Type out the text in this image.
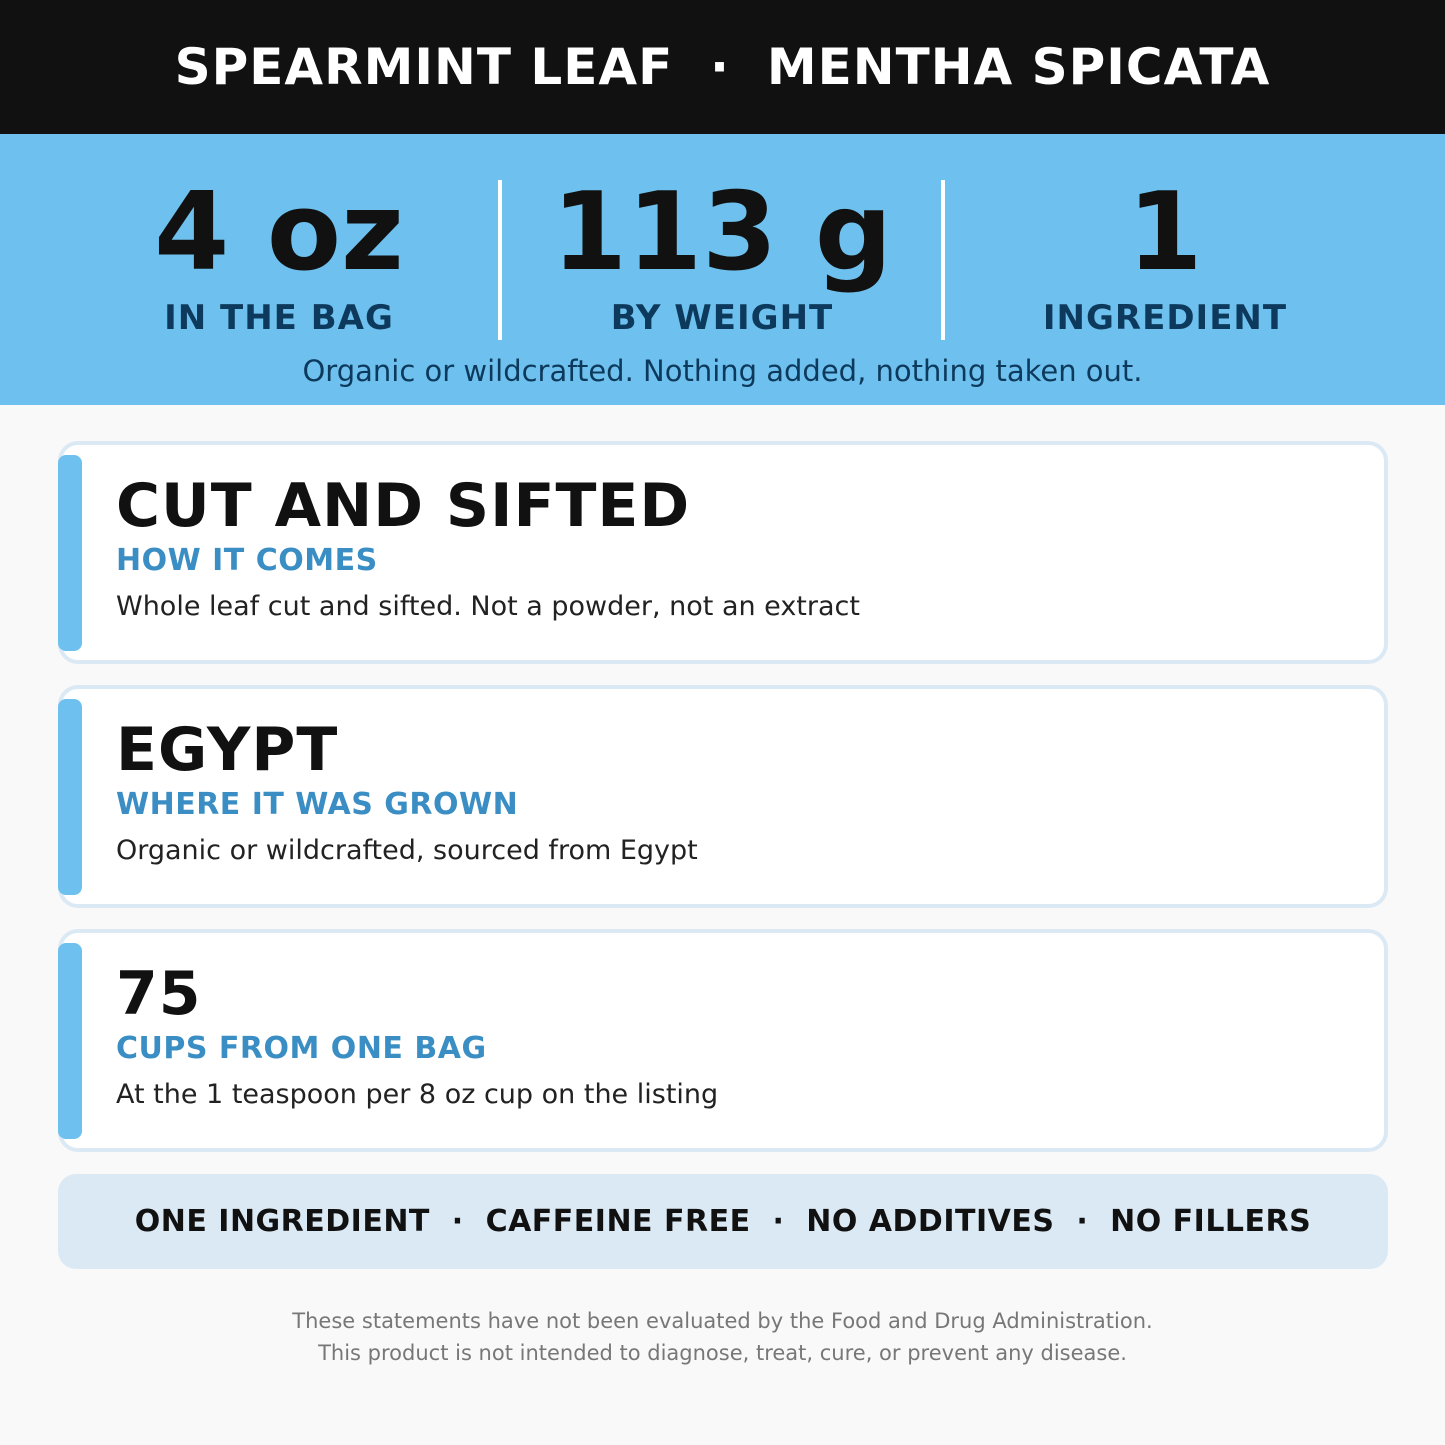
SPEARMINT LEAF  ·  MENTHA SPICATA
4 oz
IN THE BAG
113 g
BY WEIGHT
1
INGREDIENT
Organic or wildcrafted. Nothing added, nothing taken out.
CUT AND SIFTED
HOW IT COMES
Whole leaf cut and sifted. Not a powder, not an extract
EGYPT
WHERE IT WAS GROWN
Organic or wildcrafted, sourced from Egypt
75
CUPS FROM ONE BAG
At the 1 teaspoon per 8 oz cup on the listing
ONE INGREDIENT  ·  CAFFEINE FREE  ·  NO ADDITIVES  ·  NO FILLERS
These statements have not been evaluated by the Food and Drug Administration.
This product is not intended to diagnose, treat, cure, or prevent any disease.
